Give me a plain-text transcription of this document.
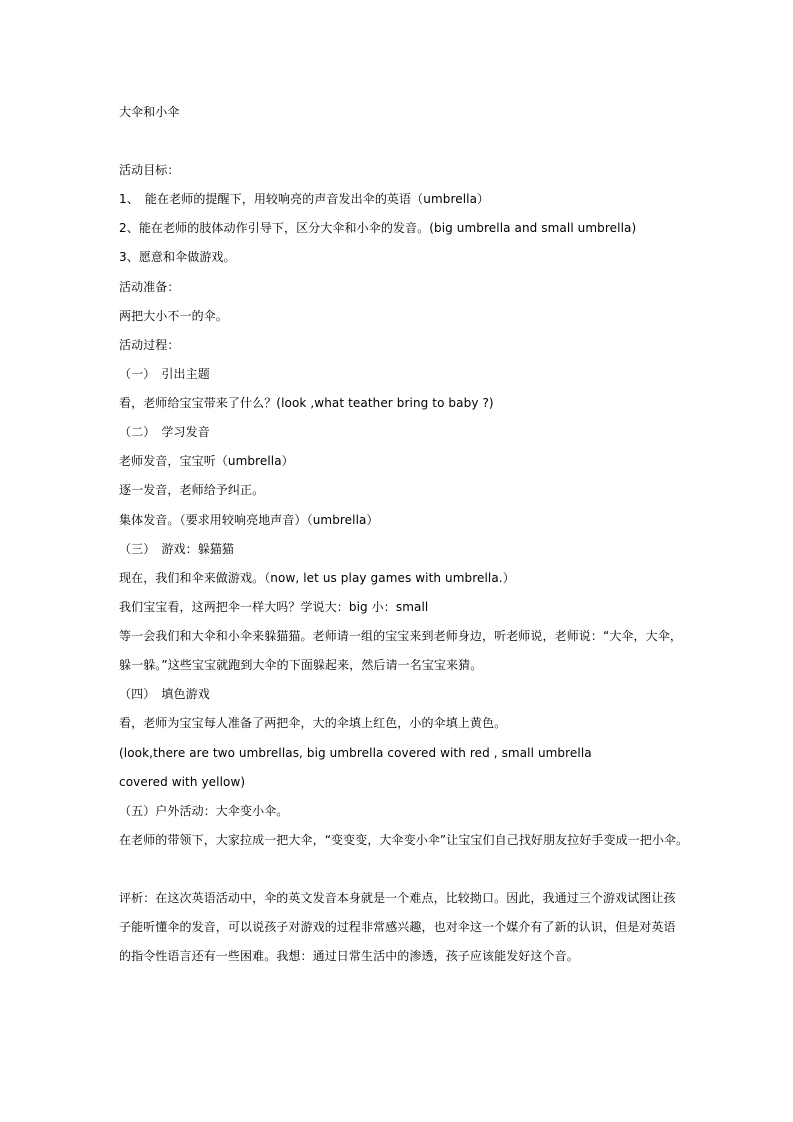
大伞和小伞
活动目标：
1、　能在老师的提醒下，用较响亮的声音发出伞的英语（umbrella）
2、能在老师的肢体动作引导下，区分大伞和小伞的发音。(big umbrella and small umbrella)
3、愿意和伞做游戏。
活动准备：
两把大小不一的伞。
活动过程：
（一）　引出主题
看，老师给宝宝带来了什么？(look ,what teather bring to baby ?)
（二）　学习发音
老师发音，宝宝听（umbrella）
逐一发音，老师给予纠正。
集体发音。（要求用较响亮地声音）（umbrella）
（三）　游戏：躲猫猫
现在，我们和伞来做游戏。（now, let us play games with umbrella.）
我们宝宝看，这两把伞一样大吗？学说大：big 小：small
等一会我们和大伞和小伞来躲猫猫。老师请一组的宝宝来到老师身边，听老师说，老师说：“大伞，大伞，
躲一躲。”这些宝宝就跑到大伞的下面躲起来，然后请一名宝宝来猜。
（四）　填色游戏
看，老师为宝宝每人准备了两把伞，大的伞填上红色，小的伞填上黄色。
(look,there are two umbrellas, big umbrella covered with red , small umbrella
covered with yellow)
（五）户外活动：大伞变小伞。
在老师的带领下，大家拉成一把大伞，“变变变，大伞变小伞”让宝宝们自己找好朋友拉好手变成一把小伞。
评析：在这次英语活动中，伞的英文发音本身就是一个难点，比较拗口。因此，我通过三个游戏试图让孩
子能听懂伞的发音，可以说孩子对游戏的过程非常感兴趣，也对伞这一个媒介有了新的认识，但是对英语
的指令性语言还有一些困难。我想：通过日常生活中的渗透，孩子应该能发好这个音。
